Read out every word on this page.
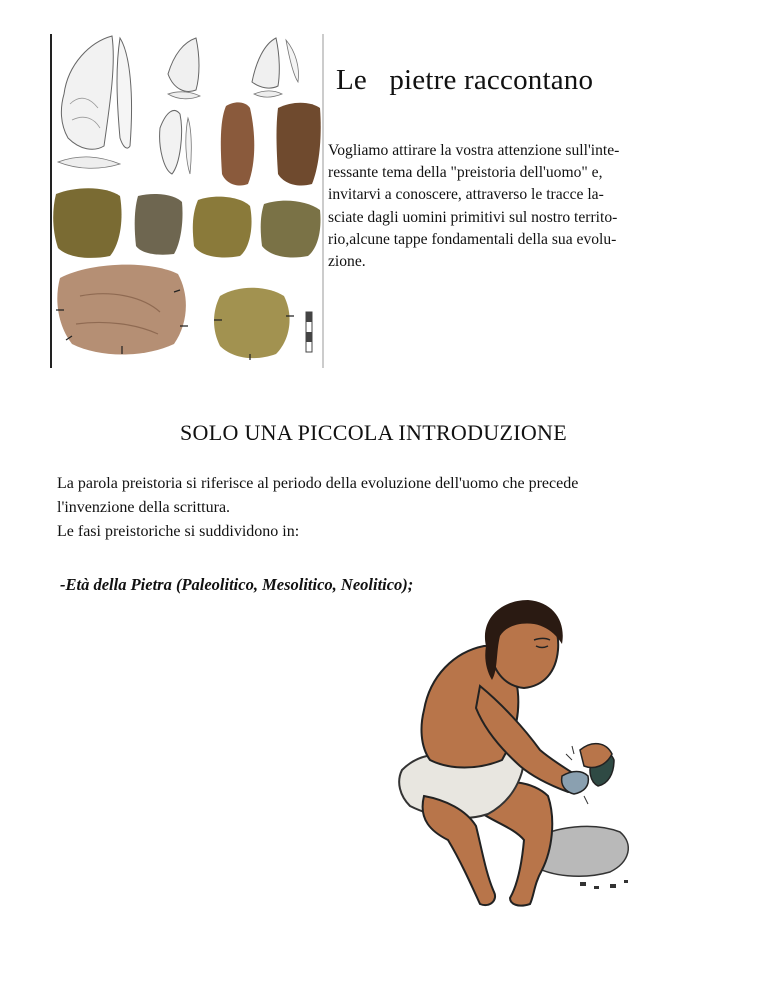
Le   pietre raccontano
Vogliamo attirare la vostra attenzione sull'inte-
ressante tema della "preistoria dell'uomo" e,
invitarvi a conoscere, attraverso le tracce la-
sciate dagli uomini primitivi sul nostro territo-
rio,alcune tappe fondamentali della sua evolu-
zione.
SOLO UNA PICCOLA INTRODUZIONE
La parola preistoria si riferisce al periodo della evoluzione dell'uomo che precede
l'invenzione della scrittura.
Le fasi preistoriche si suddividono in:
-Età della Pietra (Paleolitico, Mesolitico, Neolitico);
